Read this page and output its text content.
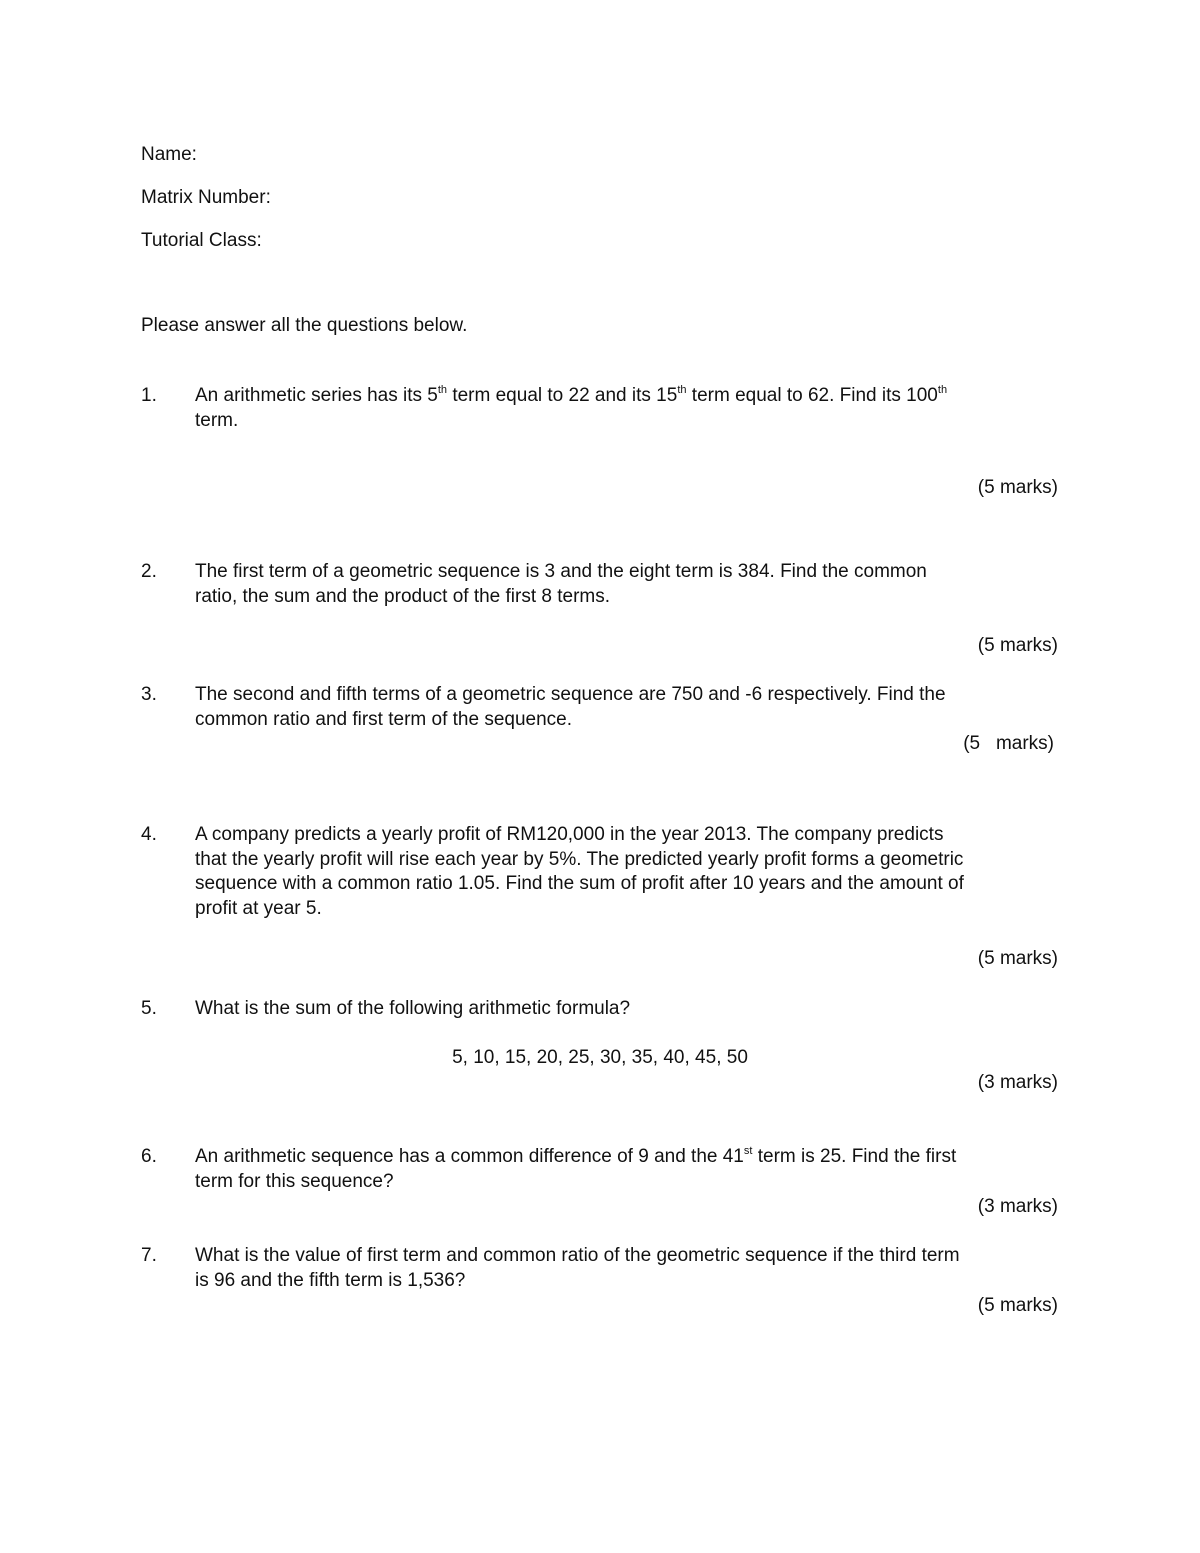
Name:
Matrix Number:
Tutorial Class:
Please answer all the questions below.
1. An arithmetic series has its 5th term equal to 22 and its 15th term equal to 62. Find its 100th
term.
(5 marks)
2. The first term of a geometric sequence is 3 and the eight term is 384. Find the common
ratio, the sum and the product of the first 8 terms.
(5 marks)
3. The second and fifth terms of a geometric sequence are 750 and -6 respectively. Find the
common ratio and first term of the sequence.
(5   marks)
4. A company predicts a yearly profit of RM120,000 in the year 2013. The company predicts
that the yearly profit will rise each year by 5%. The predicted yearly profit forms a geometric
sequence with a common ratio 1.05. Find the sum of profit after 10 years and the amount of
profit at year 5.
(5 marks)
5. What is the sum of the following arithmetic formula?
5, 10, 15, 20, 25, 30, 35, 40, 45, 50
(3 marks)
6. An arithmetic sequence has a common difference of 9 and the 41st term is 25. Find the first
term for this sequence?
(3 marks)
7. What is the value of first term and common ratio of the geometric sequence if the third term
is 96 and the fifth term is 1,536?
(5 marks)
